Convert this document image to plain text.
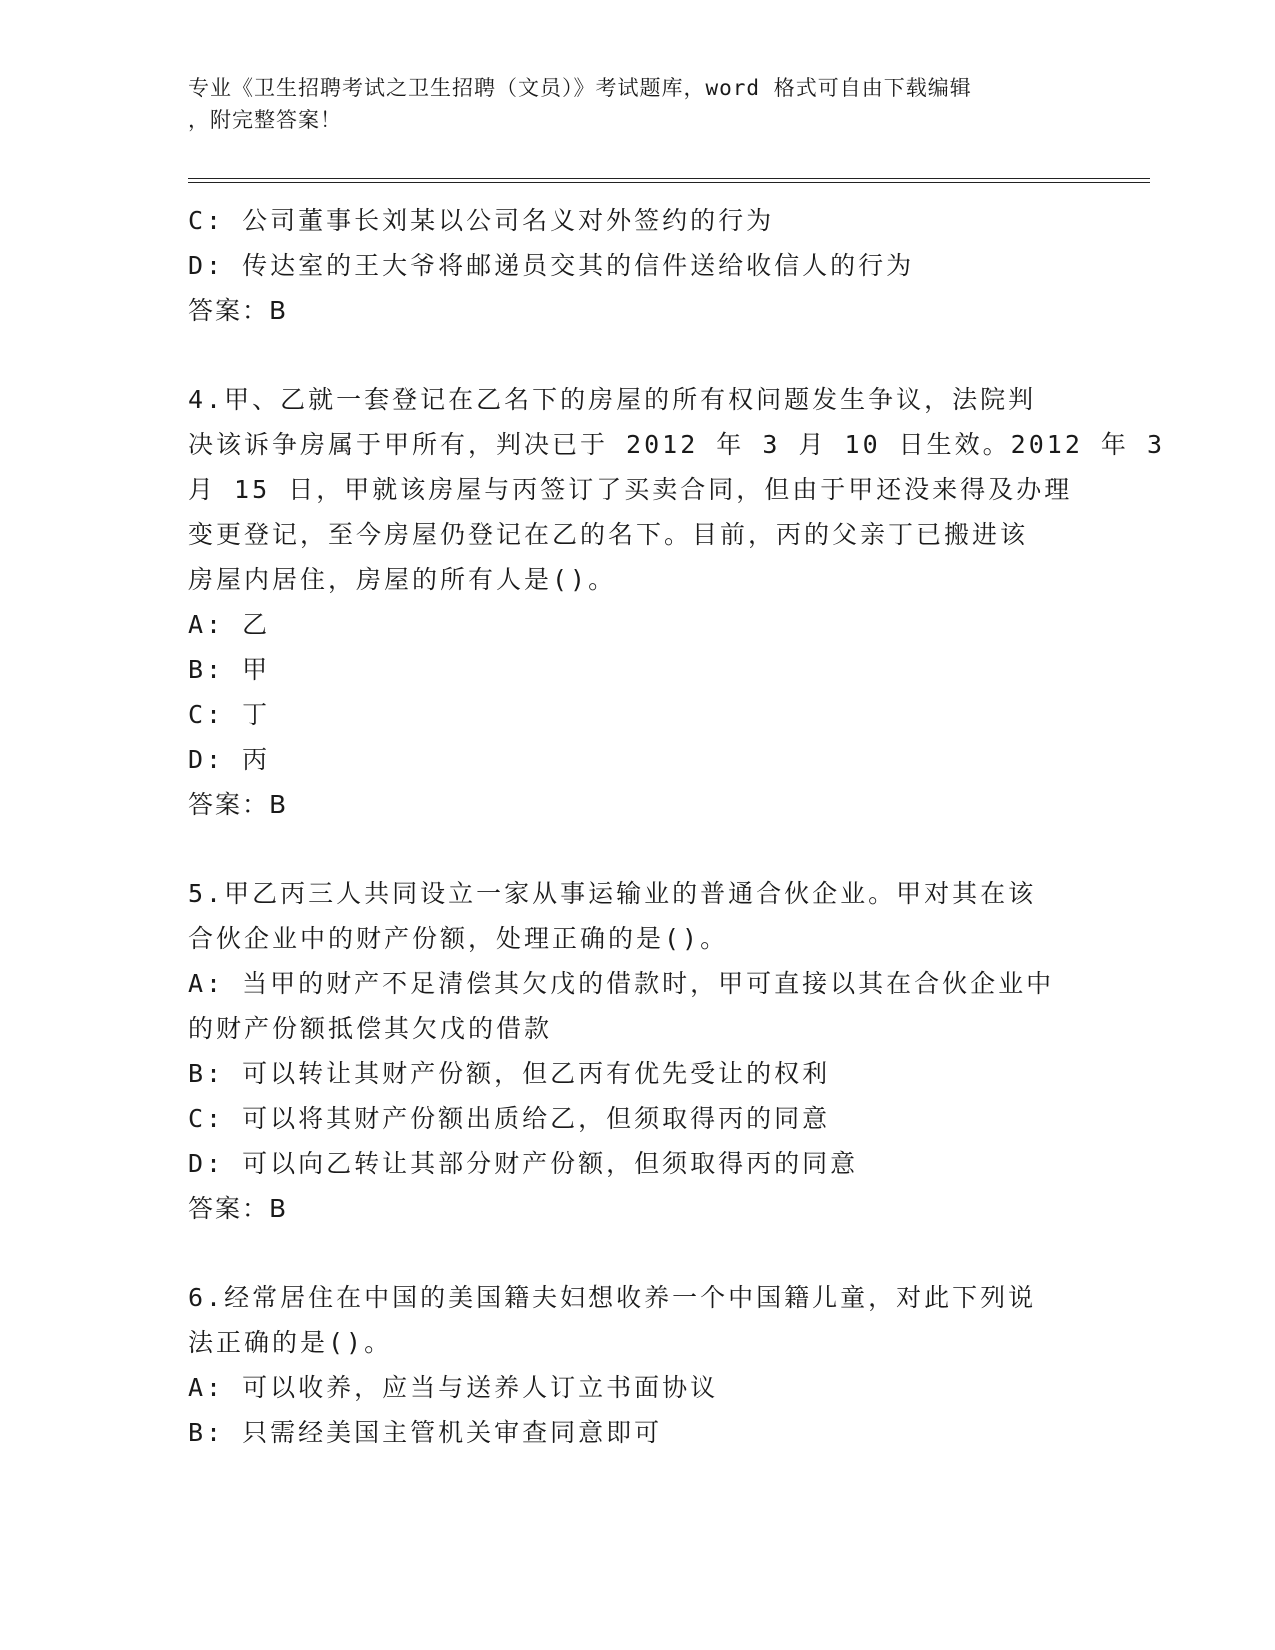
专业《卫生招聘考试之卫生招聘（文员）》考试题库，word 格式可自由下载编辑
，附完整答案！
C: 公司董事长刘某以公司名义对外签约的行为
D: 传达室的王大爷将邮递员交其的信件送给收信人的行为
答案：B
4.甲、乙就一套登记在乙名下的房屋的所有权问题发生争议，法院判
决该诉争房属于甲所有，判决已于 2012 年 3 月 10 日生效。2012 年 3
月 15 日，甲就该房屋与丙签订了买卖合同，但由于甲还没来得及办理
变更登记，至今房屋仍登记在乙的名下。目前，丙的父亲丁已搬进该
房屋内居住，房屋的所有人是()。
A: 乙
B: 甲
C: 丁
D: 丙
答案：B
5.甲乙丙三人共同设立一家从事运输业的普通合伙企业。甲对其在该
合伙企业中的财产份额，处理正确的是()。
A: 当甲的财产不足清偿其欠戊的借款时，甲可直接以其在合伙企业中
的财产份额抵偿其欠戊的借款
B: 可以转让其财产份额，但乙丙有优先受让的权利
C: 可以将其财产份额出质给乙，但须取得丙的同意
D: 可以向乙转让其部分财产份额，但须取得丙的同意
答案：B
6.经常居住在中国的美国籍夫妇想收养一个中国籍儿童，对此下列说
法正确的是()。
A: 可以收养，应当与送养人订立书面协议
B: 只需经美国主管机关审查同意即可
